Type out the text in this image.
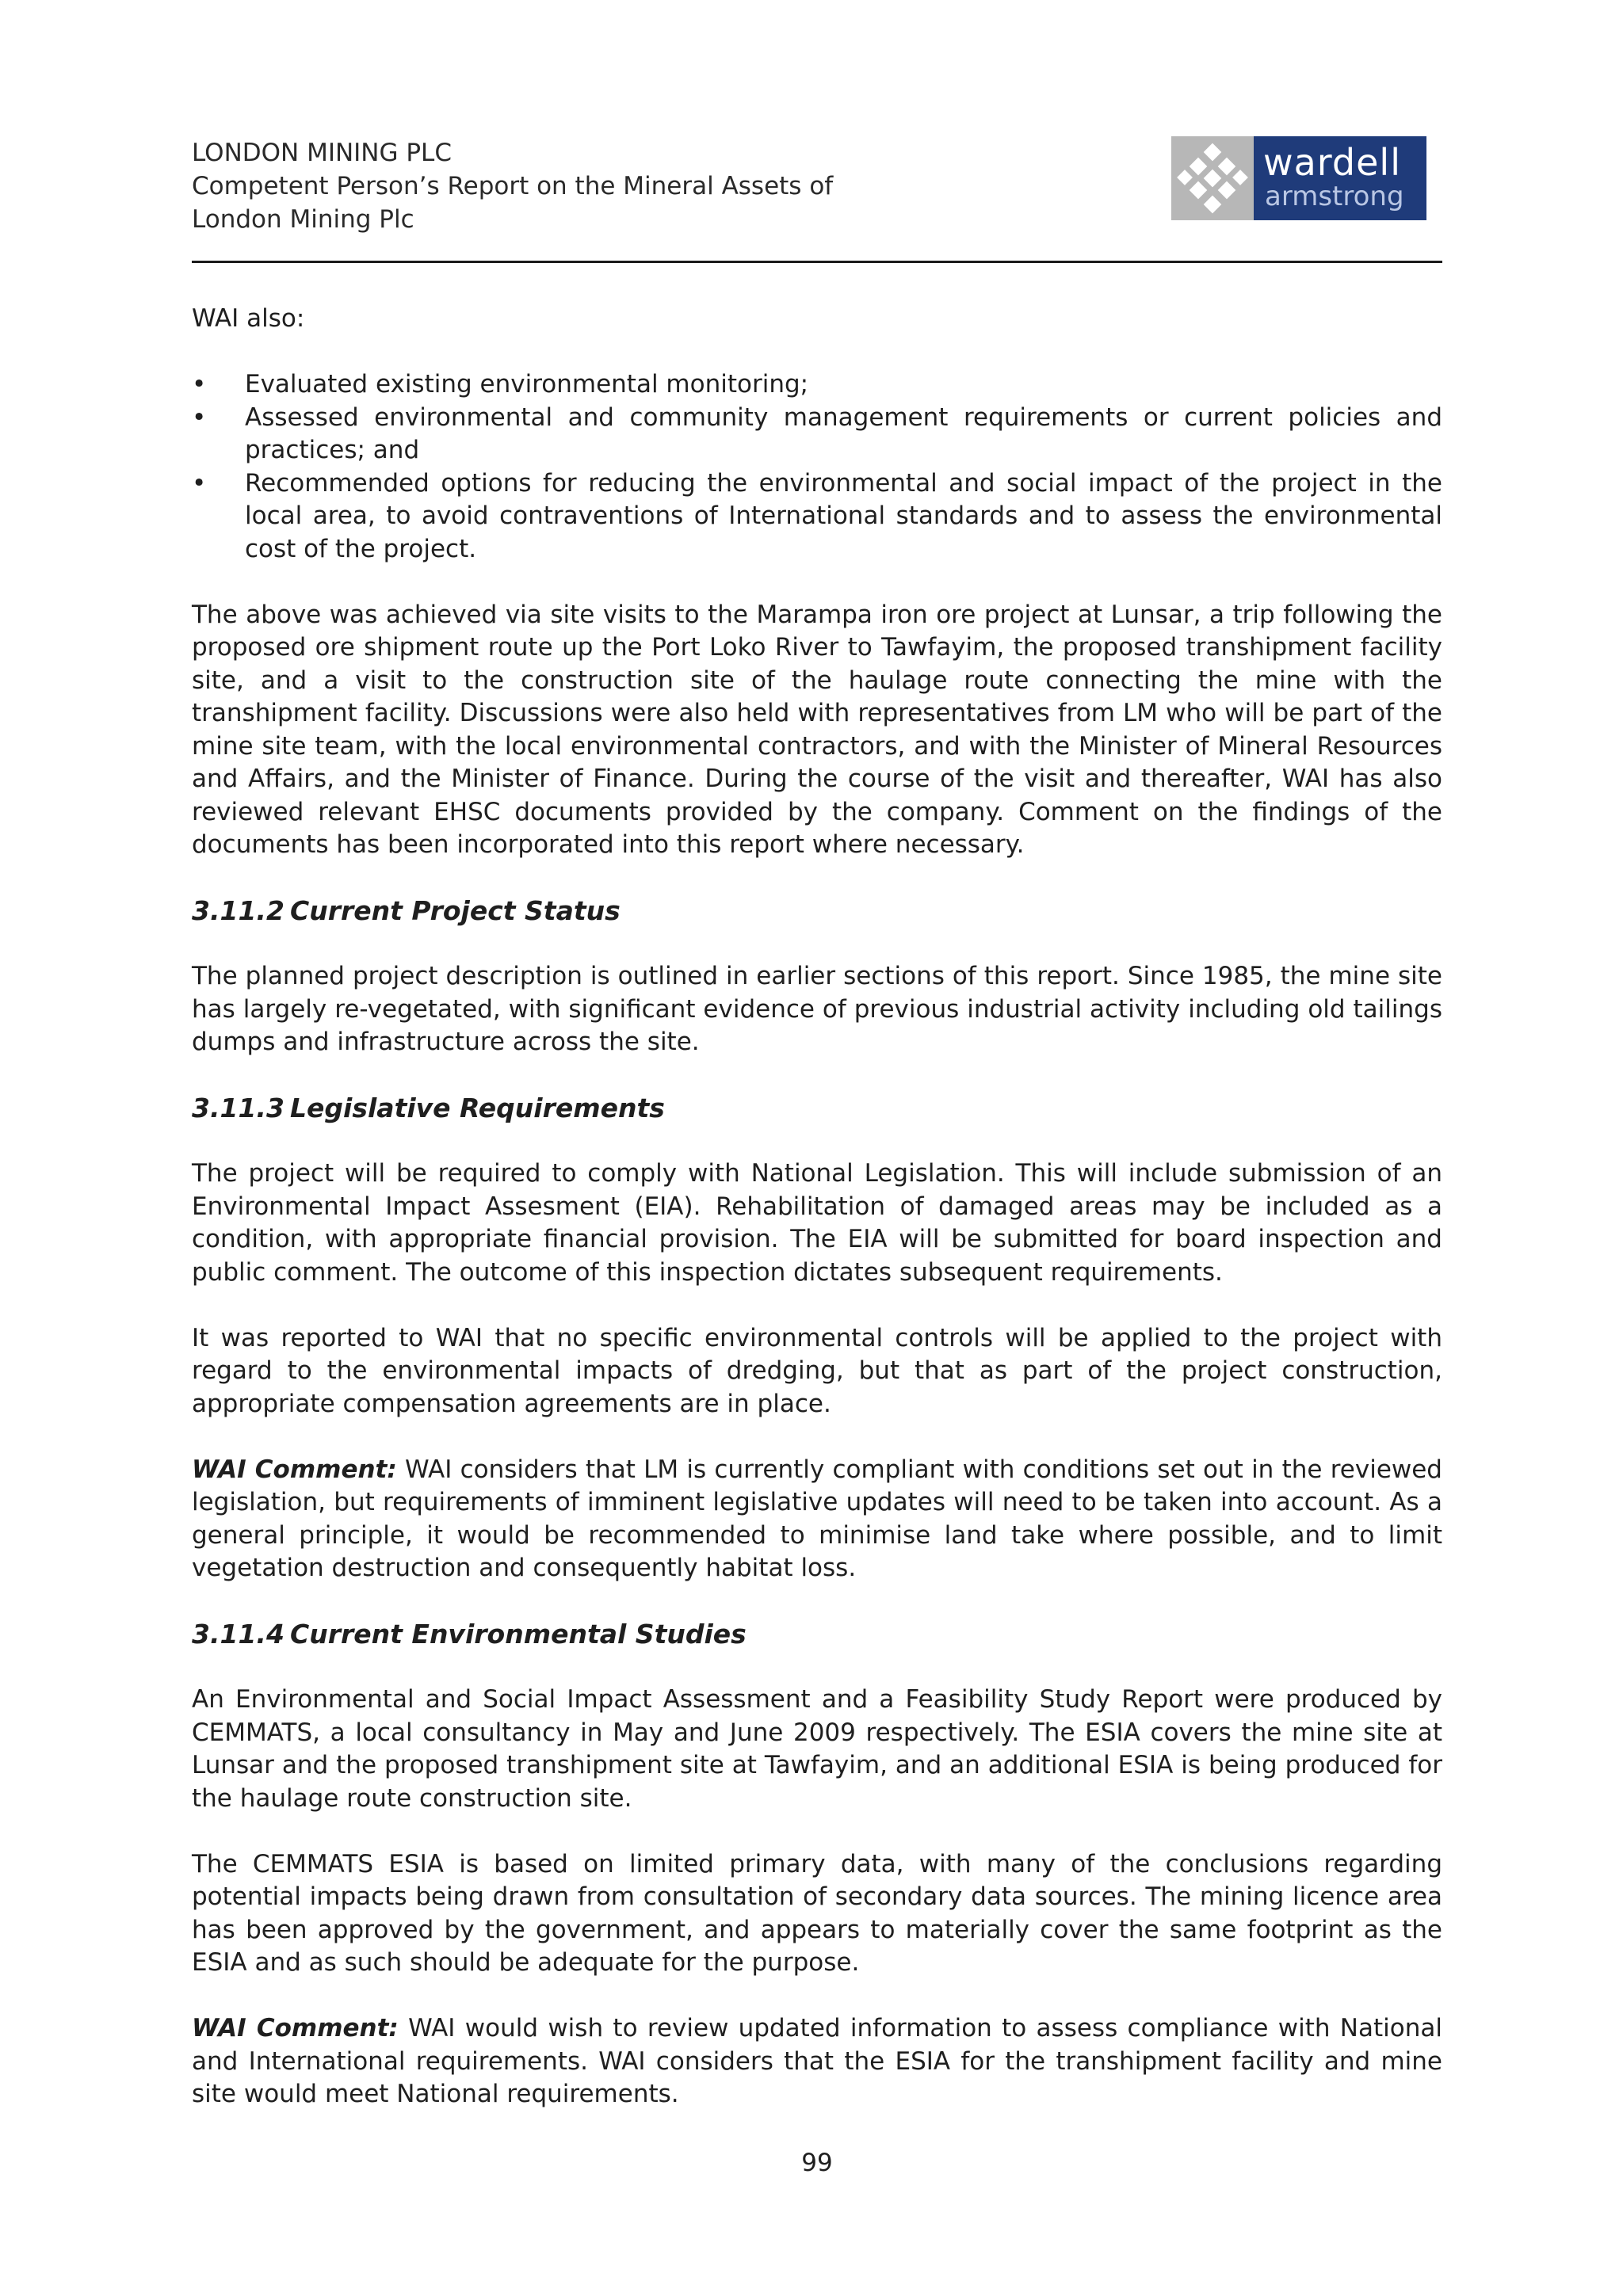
LONDON MINING PLC
Competent Person’s Report on the Mineral Assets of
London Mining Plc
wardell
armstrong

WAI also:

• Evaluated existing environmental monitoring;
• Assessed environmental and community management requirements or current policies and practices; and
• Recommended options for reducing the environmental and social impact of the project in the local area, to avoid contraventions of International standards and to assess the environmental cost of the project.

The above was achieved via site visits to the Marampa iron ore project at Lunsar, a trip following the proposed ore shipment route up the Port Loko River to Tawfayim, the proposed transhipment facility site, and a visit to the construction site of the haulage route connecting the mine with the transhipment facility. Discussions were also held with representatives from LM who will be part of the mine site team, with the local environmental contractors, and with the Minister of Mineral Resources and Affairs, and the Minister of Finance. During the course of the visit and thereafter, WAI has also reviewed relevant EHSC documents provided by the company. Comment on the findings of the documents has been incorporated into this report where necessary.

3.11.2 Current Project Status

The planned project description is outlined in earlier sections of this report. Since 1985, the mine site has largely re-vegetated, with significant evidence of previous industrial activity including old tailings dumps and infrastructure across the site.

3.11.3 Legislative Requirements

The project will be required to comply with National Legislation. This will include submission of an Environmental Impact Assesment (EIA). Rehabilitation of damaged areas may be included as a condition, with appropriate financial provision. The EIA will be submitted for board inspection and public comment. The outcome of this inspection dictates subsequent requirements.

It was reported to WAI that no specific environmental controls will be applied to the project with regard to the environmental impacts of dredging, but that as part of the project construction, appropriate compensation agreements are in place.

WAI Comment: WAI considers that LM is currently compliant with conditions set out in the reviewed legislation, but requirements of imminent legislative updates will need to be taken into account. As a general principle, it would be recommended to minimise land take where possible, and to limit vegetation destruction and consequently habitat loss.

3.11.4 Current Environmental Studies

An Environmental and Social Impact Assessment and a Feasibility Study Report were produced by CEMMATS, a local consultancy in May and June 2009 respectively. The ESIA covers the mine site at Lunsar and the proposed transhipment site at Tawfayim, and an additional ESIA is being produced for the haulage route construction site.

The CEMMATS ESIA is based on limited primary data, with many of the conclusions regarding potential impacts being drawn from consultation of secondary data sources. The mining licence area has been approved by the government, and appears to materially cover the same footprint as the ESIA and as such should be adequate for the purpose.

WAI Comment: WAI would wish to review updated information to assess compliance with National and International requirements. WAI considers that the ESIA for the transhipment facility and mine site would meet National requirements.

99
